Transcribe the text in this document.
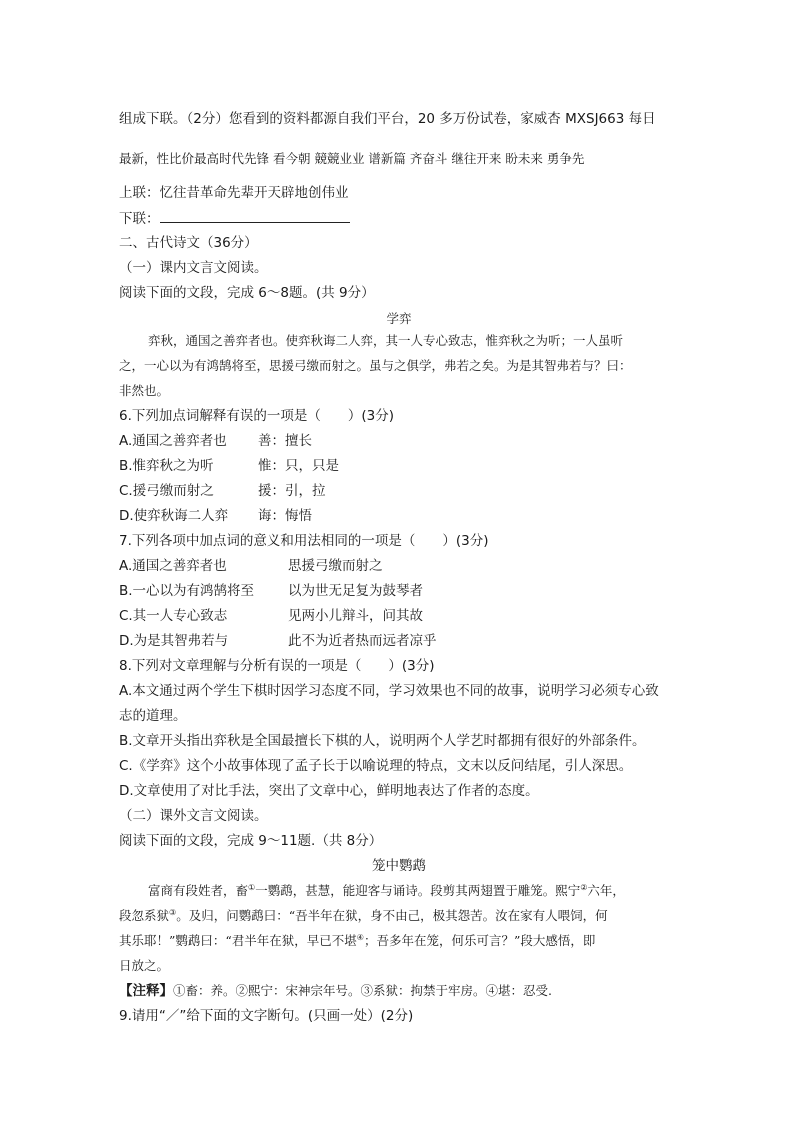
组成下联。（2分）您看到的资料都源自我们平台，20 多万份试卷，家威杏 MXSJ663 每日
最新，性比价最高时代先锋 看今朝 競競业业 谱新篇 齐奋斗 继往开来 盼未来 勇争先
上联：忆往昔革命先辈开天辟地创伟业
下联：
二、古代诗文（36分）
（一）课内文言文阅读。
阅读下面的文段，完成 6～8题。(共 9分）
学弈
弈秋，通国之善弈者也。使弈秋诲二人弈，其一人专心致志，惟弈秋之为听；一人虽听
之，一心以为有鸿鹄将至，思援弓缴而射之。虽与之俱学，弗若之矣。为是其智弗若与？曰：
非然也。
6.下列加点词解释有误的一项是（　　）(3分)
A.通国之善弈者也 善：擅长
B.惟弈秋之为听	惟：只，只是
C.援弓缴而射之	援：引，拉
D.使弈秋诲二人弈 诲：悔悟
7.下列各项中加点词的意义和用法相同的一项是（　　）(3分)
A.通国之善弈者也	思援弓缴而射之
B.一心以为有鸿鹄将至	以为世无足复为鼓琴者
C.其一人专心致志	见两小儿辩斗，问其故
D.为是其智弗若与	此不为近者热而远者凉乎
8.下列对文章理解与分析有误的一项是（　　）(3分)
A.本文通过两个学生下棋时因学习态度不同，学习效果也不同的故事，说明学习必须专心致
志的道理。
B.文章开头指出弈秋是全国最擅长下棋的人，说明两个人学艺时都拥有很好的外部条件。
C.《学弈》这个小故事体现了孟子长于以喻说理的特点，文末以反问结尾，引人深思。
D.文章使用了对比手法，突出了文章中心，鲜明地表达了作者的态度。
（二）课外文言文阅读。
阅读下面的文段，完成 9～11题.（共 8分）
笼中鹦鹉
富商有段姓者，畜①一鹦鹉，甚慧，能迎客与诵诗。段剪其两翅置于雕笼。熙宁②六年，
段忽系狱③。及归，问鹦鹉曰：“吾半年在狱，身不由己，极其怨苦。汝在家有人喂饲，何
其乐耶！”鹦鹉曰：“君半年在狱，早已不堪④；吾多年在笼，何乐可言？”段大感悟，即
日放之。
【注释】①畜：养。②熙宁：宋神宗年号。③系狱：拘禁于牢房。④堪：忍受.
9.请用“／”给下面的文字断句。(只画一处）(2分)
